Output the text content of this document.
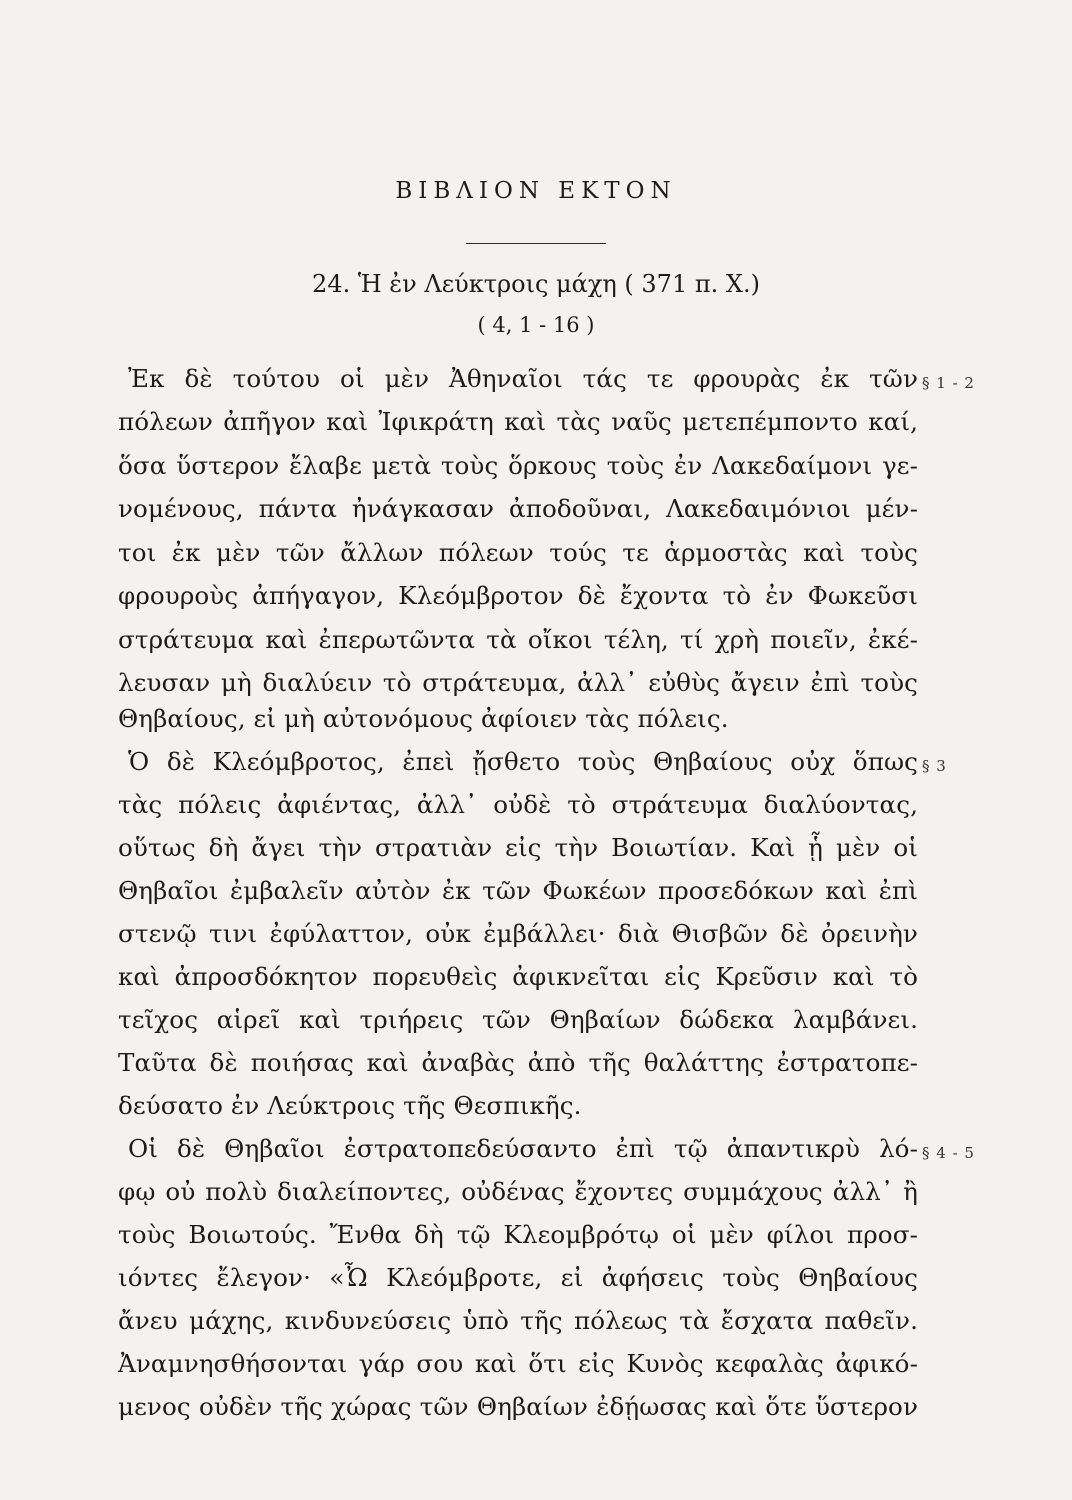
ΒΙΒΛΙΟΝ ΕΚΤΟΝ
24. Ἡ ἐν Λεύκτροις μάχη ( 371 π. Χ.)
( 4, 1 - 16 )
Ἐκ δὲ τούτου οἱ μὲν Ἀθηναῖοι τάς τε φρουρὰς ἐκ τῶν
πόλεων ἀπῆγον καὶ Ἰφικράτη καὶ τὰς ναῦς μετεπέμποντο καί,
ὅσα ὕστερον ἔλαβε μετὰ τοὺς ὅρκους τοὺς ἐν Λακεδαίμονι γε-
νομένους, πάντα ἠνάγκασαν ἀποδοῦναι, Λακεδαιμόνιοι μέν-
τοι ἐκ μὲν τῶν ἄλλων πόλεων τούς τε ἁρμοστὰς καὶ τοὺς
φρουροὺς ἀπήγαγον, Κλεόμβροτον δὲ ἔχοντα τὸ ἐν Φωκεῦσι
στράτευμα καὶ ἐπερωτῶντα τὰ οἴκοι τέλη, τί χρὴ ποιεῖν, ἐκέ-
λευσαν μὴ διαλύειν τὸ στράτευμα, ἀλλ᾽ εὐθὺς ἄγειν ἐπὶ τοὺς
Θηβαίους, εἰ μὴ αὐτονόμους ἀφίοιεν τὰς πόλεις.
Ὁ δὲ Κλεόμβροτος, ἐπεὶ ᾔσθετο τοὺς Θηβαίους οὐχ ὅπως
τὰς πόλεις ἀφιέντας, ἀλλ᾽ οὐδὲ τὸ στράτευμα διαλύοντας,
οὕτως δὴ ἄγει τὴν στρατιὰν εἰς τὴν Βοιωτίαν. Καὶ ᾗ μὲν οἱ
Θηβαῖοι ἐμβαλεῖν αὐτὸν ἐκ τῶν Φωκέων προσεδόκων καὶ ἐπὶ
στενῷ τινι ἐφύλαττον, οὐκ ἐμβάλλει· διὰ Θισβῶν δὲ ὀρεινὴν
καὶ ἀπροσδόκητον πορευθεὶς ἀφικνεῖται εἰς Κρεῦσιν καὶ τὸ
τεῖχος αἱρεῖ καὶ τριήρεις τῶν Θηβαίων δώδεκα λαμβάνει.
Ταῦτα δὲ ποιήσας καὶ ἀναβὰς ἀπὸ τῆς θαλάττης ἐστρατοπε-
δεύσατο ἐν Λεύκτροις τῆς Θεσπικῆς.
Οἱ δὲ Θηβαῖοι ἐστρατοπεδεύσαντο ἐπὶ τῷ ἀπαντικρὺ λό-
φῳ οὐ πολὺ διαλείποντες, οὐδένας ἔχοντες συμμάχους ἀλλ᾽ ἢ
τοὺς Βοιωτούς. Ἔνθα δὴ τῷ Κλεομβρότῳ οἱ μὲν φίλοι προσ-
ιόντες ἔλεγον· «Ὦ Κλεόμβροτε, εἰ ἀφήσεις τοὺς Θηβαίους
ἄνευ μάχης, κινδυνεύσεις ὑπὸ τῆς πόλεως τὰ ἔσχατα παθεῖν.
Ἀναμνησθήσονται γάρ σου καὶ ὅτι εἰς Κυνὸς κεφαλὰς ἀφικό-
μενος οὐδὲν τῆς χώρας τῶν Θηβαίων ἐδῄωσας καὶ ὅτε ὕστερον
§ 1 - 2
§ 3
§ 4 - 5
